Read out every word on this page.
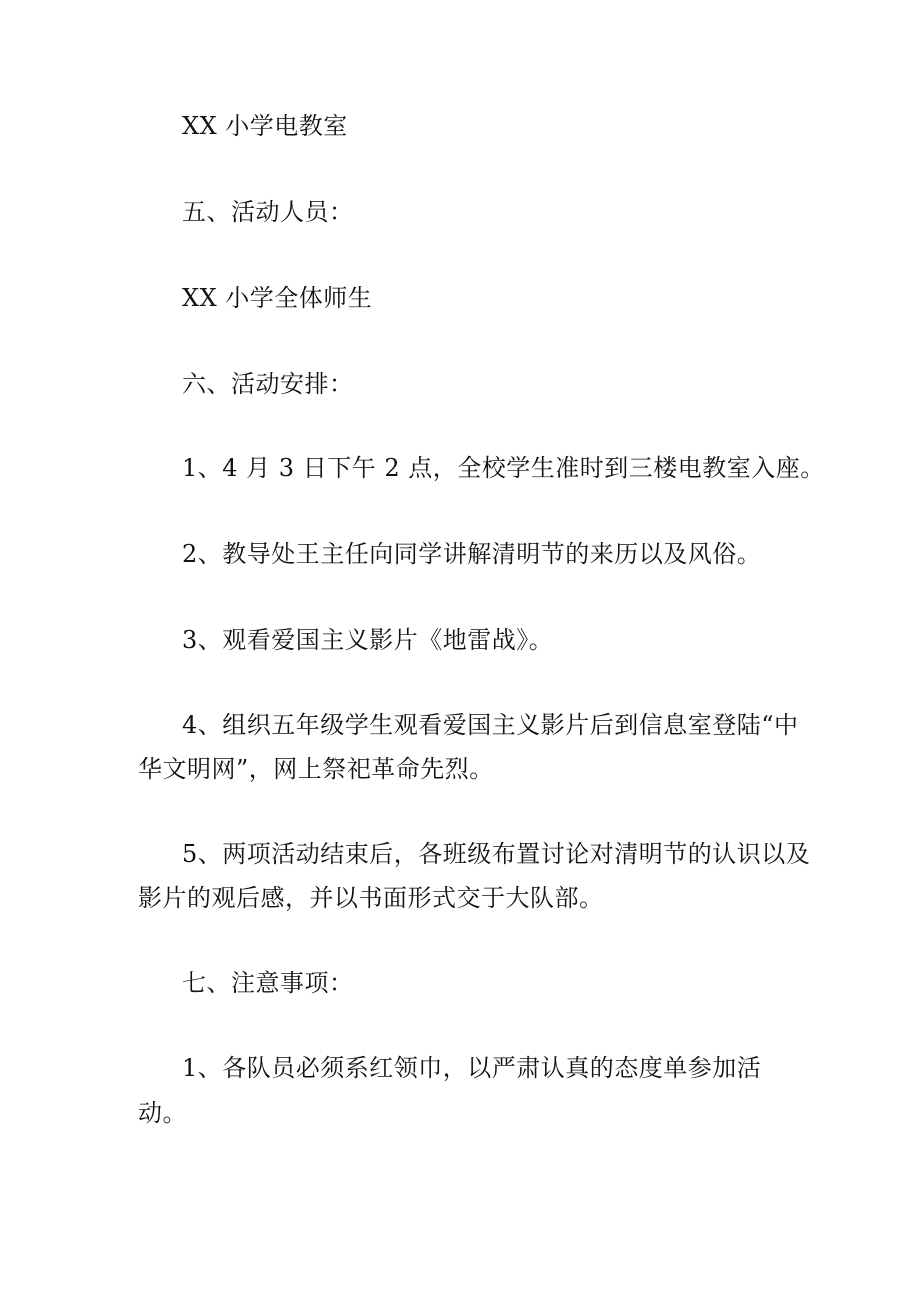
XX 小学电教室
五、活动人员：
XX 小学全体师生
六、活动安排：
1、4 月 3 日下午 2 点，全校学生准时到三楼电教室入座。
2、教导处王主任向同学讲解清明节的来历以及风俗。
3、观看爱国主义影片《地雷战》。
4、组织五年级学生观看爱国主义影片后到信息室登陆“中
华文明网”，网上祭祀革命先烈。
5、两项活动结束后，各班级布置讨论对清明节的认识以及
影片的观后感，并以书面形式交于大队部。
七、注意事项：
1、各队员必须系红领巾，以严肃认真的态度单参加活
动。
